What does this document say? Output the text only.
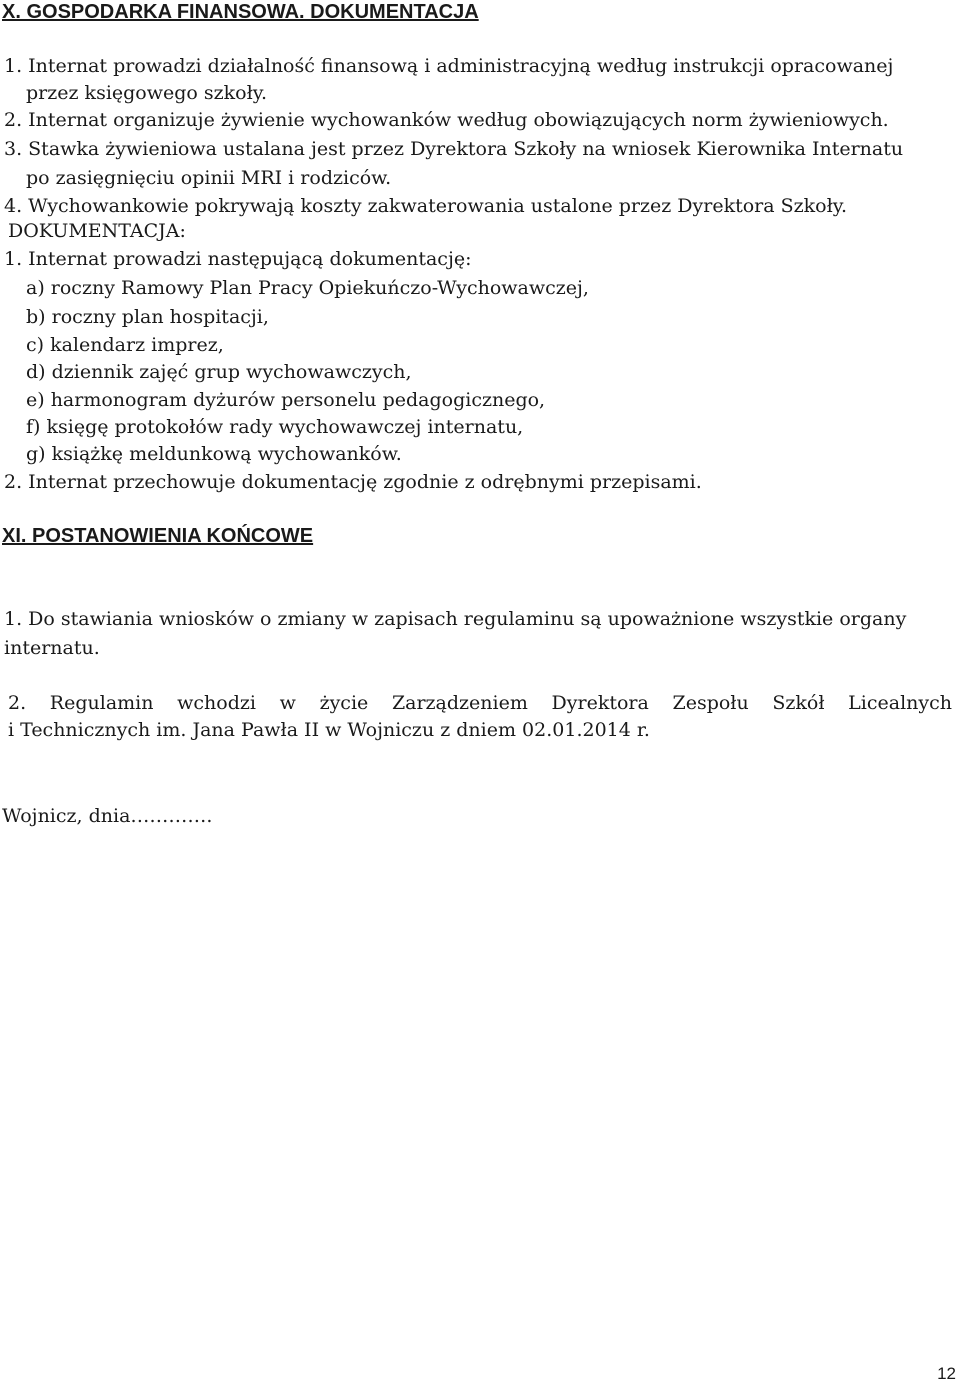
X. GOSPODARKA FINANSOWA. DOKUMENTACJA
1. Internat prowadzi działalność finansową i administracyjną według instrukcji opracowanej
przez księgowego szkoły.
2. Internat organizuje żywienie wychowanków według obowiązujących norm żywieniowych.
3. Stawka żywieniowa ustalana jest przez Dyrektora Szkoły na wniosek Kierownika Internatu
po zasięgnięciu opinii MRI i rodziców.
4. Wychowankowie pokrywają koszty zakwaterowania ustalone przez Dyrektora Szkoły.
DOKUMENTACJA:
1. Internat prowadzi następującą dokumentację:
a) roczny Ramowy Plan Pracy Opiekuńczo-Wychowawczej,
b) roczny plan hospitacji,
c) kalendarz imprez,
d) dziennik zajęć grup wychowawczych,
e) harmonogram dyżurów personelu pedagogicznego,
f) księgę protokołów rady wychowawczej internatu,
g) książkę meldunkową wychowanków.
2. Internat przechowuje dokumentację zgodnie z odrębnymi przepisami.
XI. POSTANOWIENIA KOŃCOWE
1. Do stawiania wniosków o zmiany w zapisach regulaminu są upoważnione wszystkie organy
internatu.
2. Regulamin wchodzi w życie Zarządzeniem Dyrektora Zespołu Szkół Licealnych
i Technicznych im. Jana Pawła II w Wojniczu z dniem 02.01.2014 r.
Wojnicz, dnia………….
12
